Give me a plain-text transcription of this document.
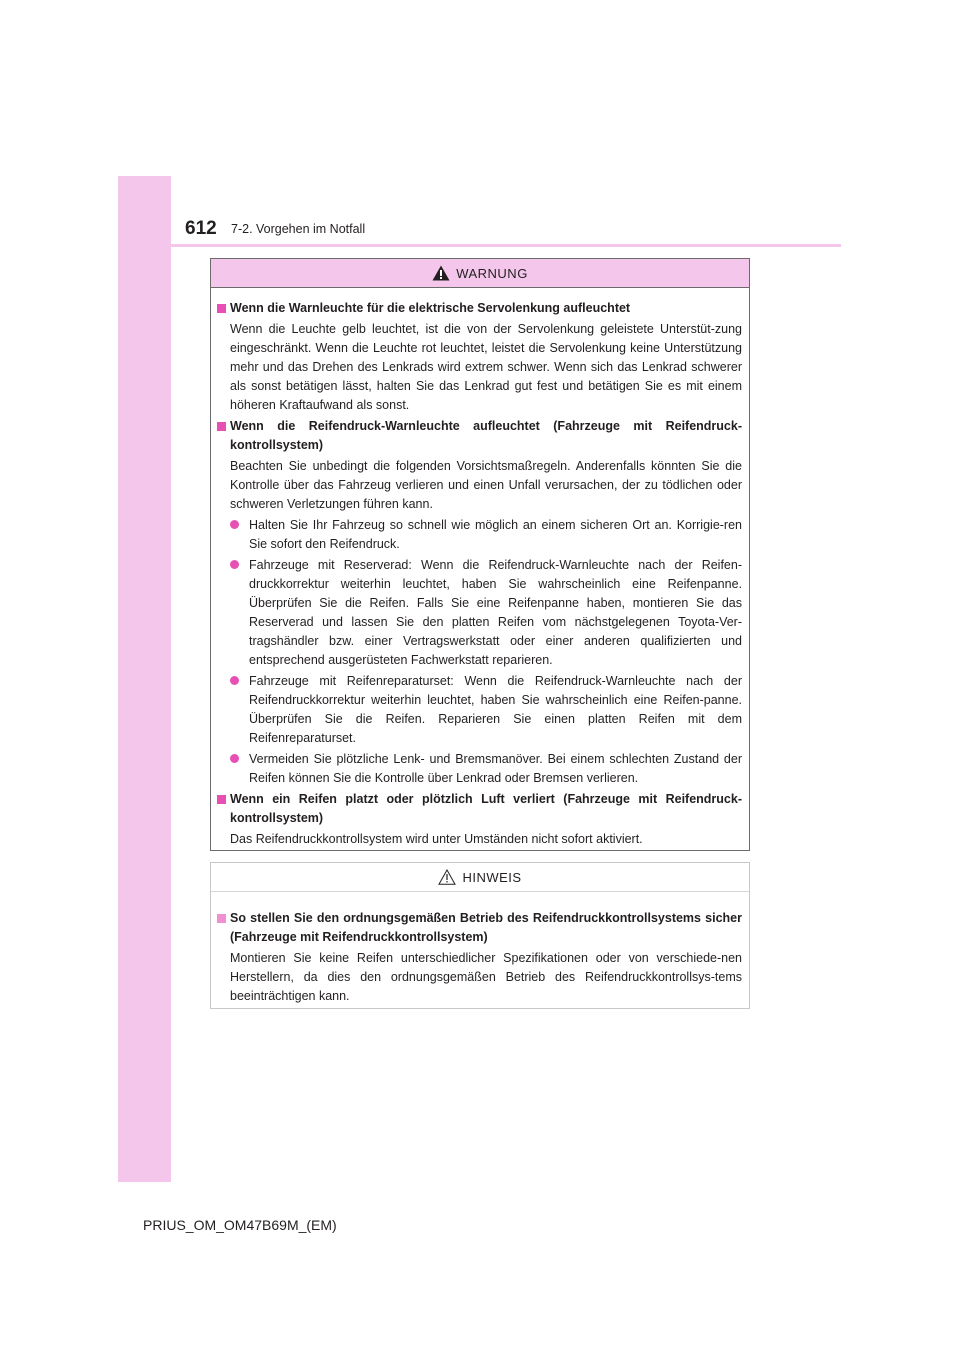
612 7-2. Vorgehen im Notfall
WARNUNG
Wenn die Warnleuchte für die elektrische Servolenkung aufleuchtet
Wenn die Leuchte gelb leuchtet, ist die von der Servolenkung geleistete Unterstüt-zung eingeschränkt. Wenn die Leuchte rot leuchtet, leistet die Servolenkung keine Unterstützung mehr und das Drehen des Lenkrads wird extrem schwer. Wenn sich das Lenkrad schwerer als sonst betätigen lässt, halten Sie das Lenkrad gut fest und betätigen Sie es mit einem höheren Kraftaufwand als sonst.
Wenn die Reifendruck-Warnleuchte aufleuchtet (Fahrzeuge mit Reifendruck-kontrollsystem)
Beachten Sie unbedingt die folgenden Vorsichtsmaßregeln. Anderenfalls könnten Sie die Kontrolle über das Fahrzeug verlieren und einen Unfall verursachen, der zu tödlichen oder schweren Verletzungen führen kann.
Halten Sie Ihr Fahrzeug so schnell wie möglich an einem sicheren Ort an. Korrigie-ren Sie sofort den Reifendruck.
Fahrzeuge mit Reserverad: Wenn die Reifendruck-Warnleuchte nach der Reifen-druckkorrektur weiterhin leuchtet, haben Sie wahrscheinlich eine Reifenpanne. Überprüfen Sie die Reifen. Falls Sie eine Reifenpanne haben, montieren Sie das Reserverad und lassen Sie den platten Reifen vom nächstgelegenen Toyota-Ver-tragshändler bzw. einer Vertragswerkstatt oder einer anderen qualifizierten und entsprechend ausgerüsteten Fachwerkstatt reparieren.
Fahrzeuge mit Reifenreparaturset: Wenn die Reifendruck-Warnleuchte nach der Reifendruckkorrektur weiterhin leuchtet, haben Sie wahrscheinlich eine Reifen-panne. Überprüfen Sie die Reifen. Reparieren Sie einen platten Reifen mit dem Reifenreparaturset.
Vermeiden Sie plötzliche Lenk- und Bremsmanöver. Bei einem schlechten Zustand der Reifen können Sie die Kontrolle über Lenkrad oder Bremsen verlieren.
Wenn ein Reifen platzt oder plötzlich Luft verliert (Fahrzeuge mit Reifendruck-kontrollsystem)
Das Reifendruckkontrollsystem wird unter Umständen nicht sofort aktiviert.
HINWEIS
So stellen Sie den ordnungsgemäßen Betrieb des Reifendruckkontrollsystems sicher (Fahrzeuge mit Reifendruckkontrollsystem)
Montieren Sie keine Reifen unterschiedlicher Spezifikationen oder von verschiede-nen Herstellern, da dies den ordnungsgemäßen Betrieb des Reifendruckkontrollsys-tems beeinträchtigen kann.
PRIUS_OM_OM47B69M_(EM)
